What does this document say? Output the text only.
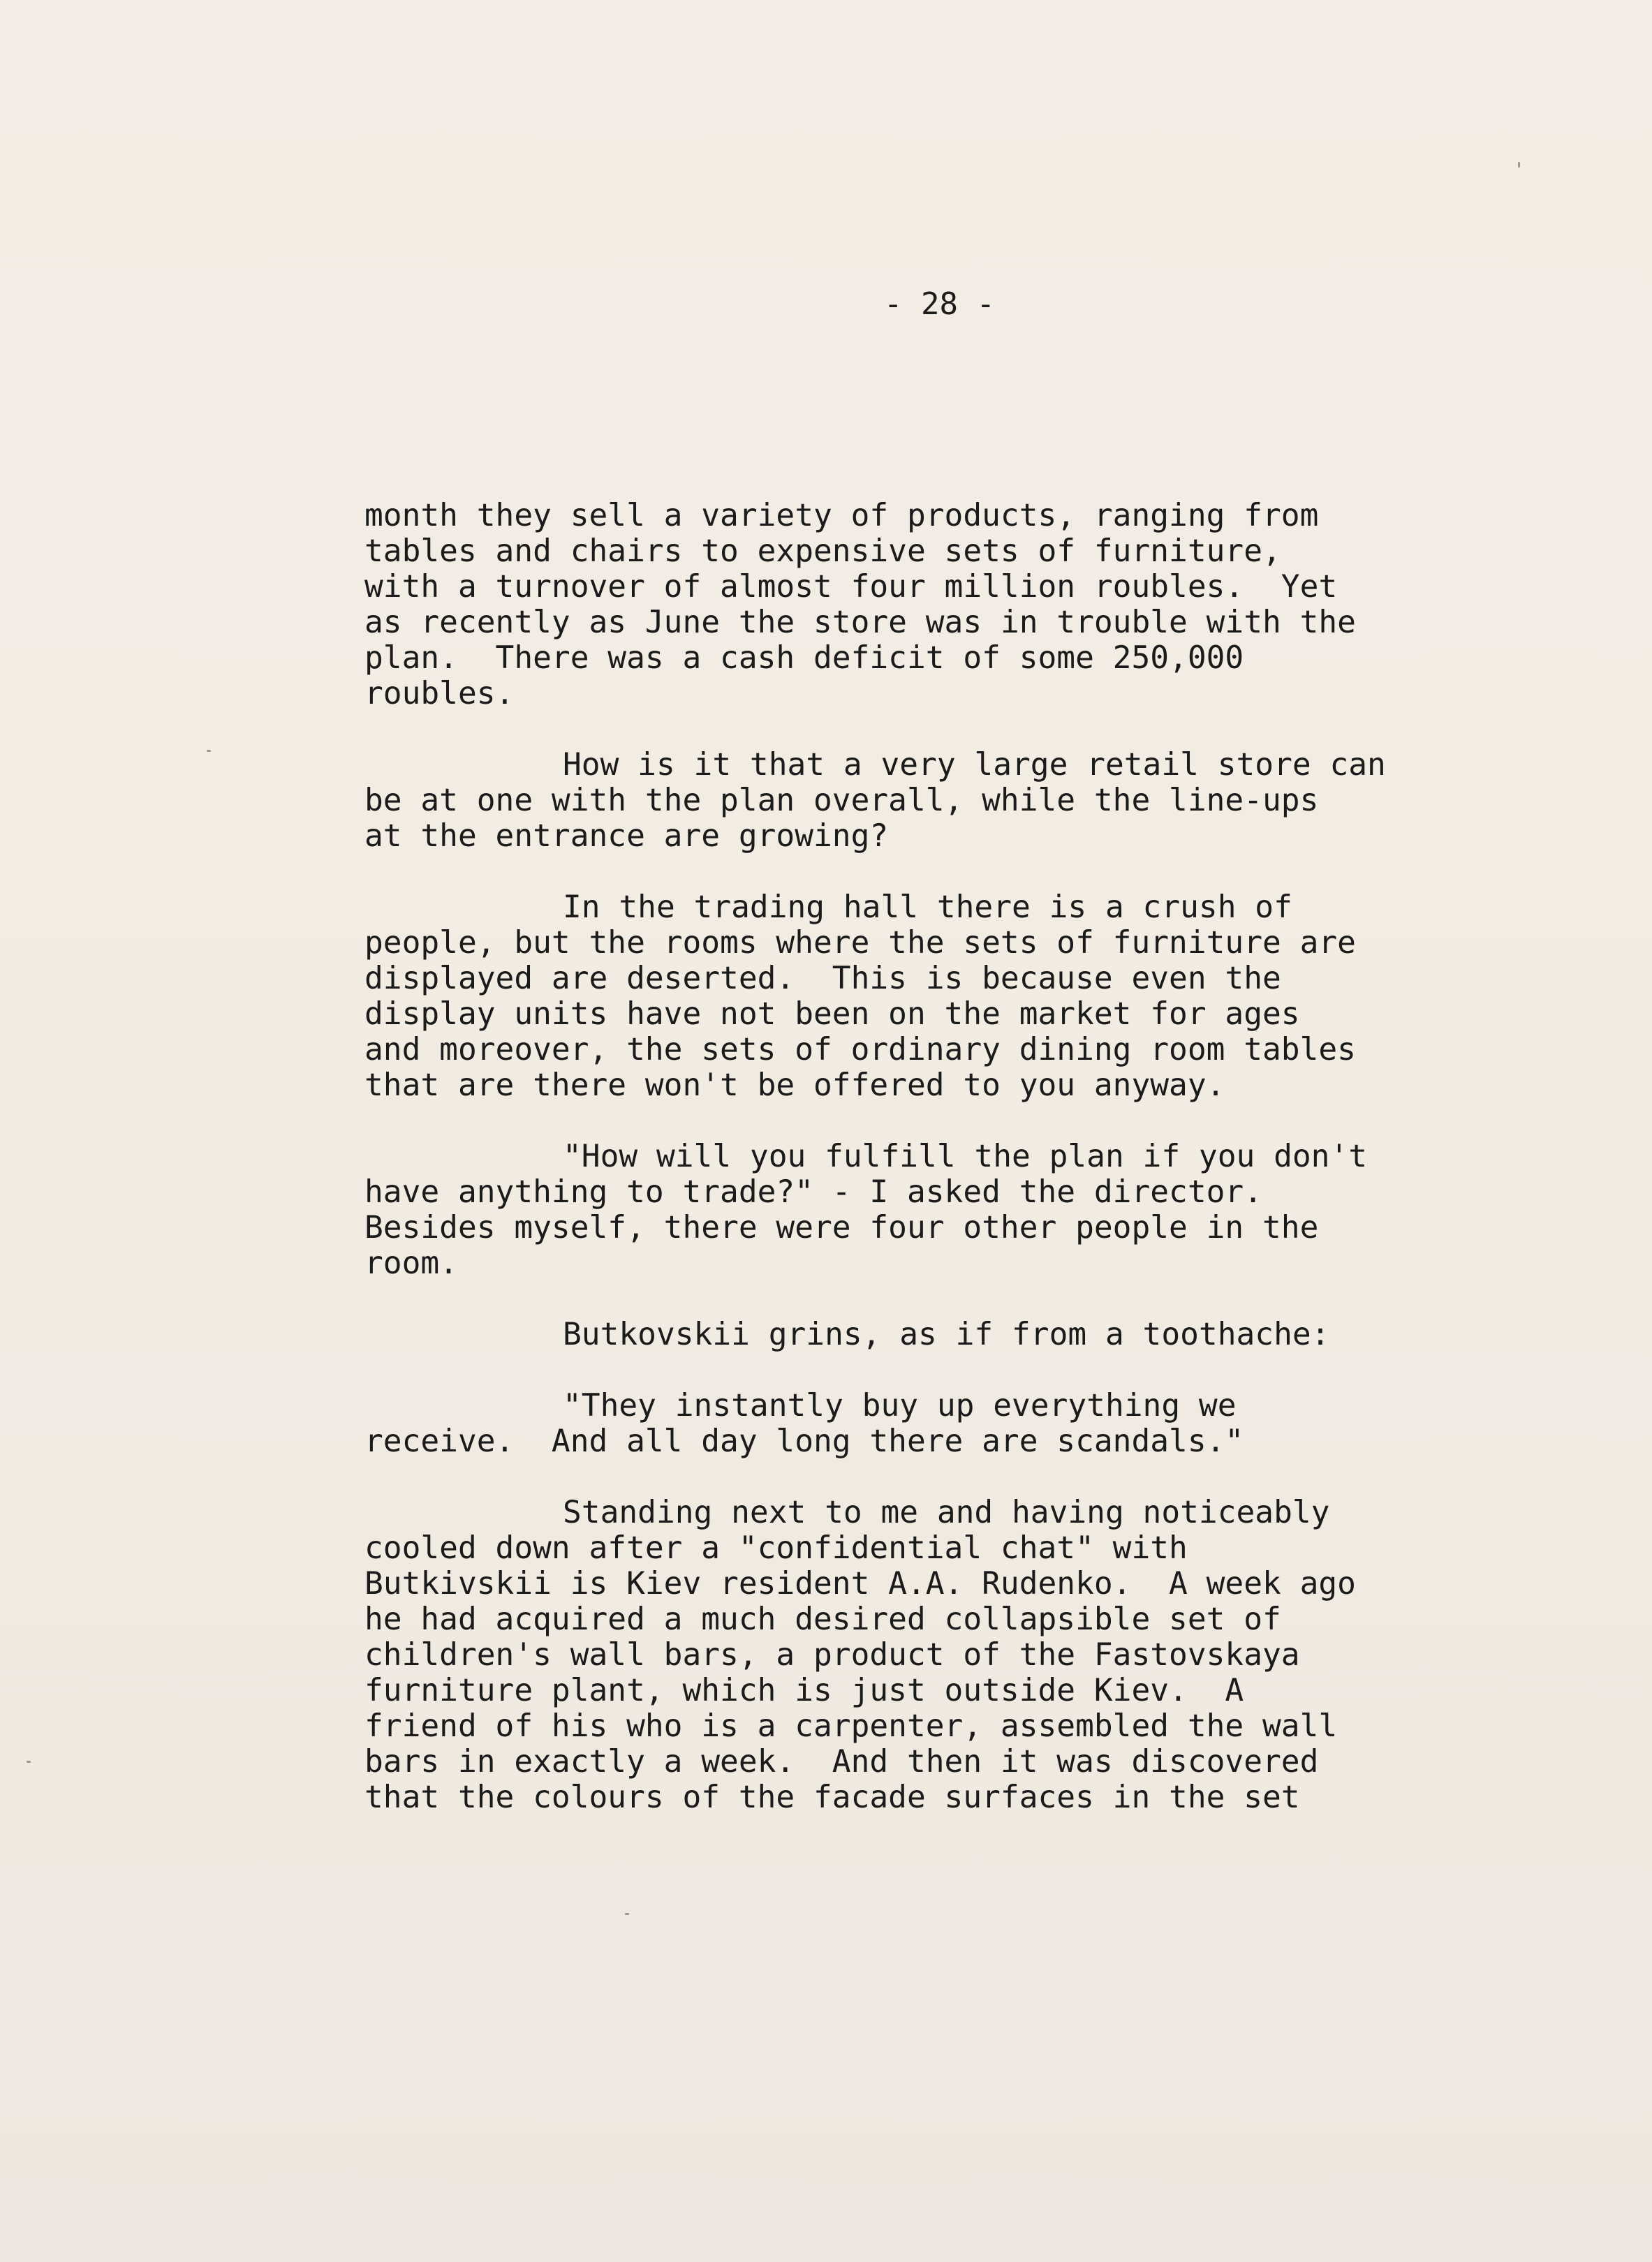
- 28 -
month they sell a variety of products, ranging from
tables and chairs to expensive sets of furniture,
with a turnover of almost four million roubles.  Yet
as recently as June the store was in trouble with the
plan.  There was a cash deficit of some 250,000
roubles.
How is it that a very large retail store can
be at one with the plan overall, while the line-ups
at the entrance are growing?
In the trading hall there is a crush of
people, but the rooms where the sets of furniture are
displayed are deserted.  This is because even the
display units have not been on the market for ages
and moreover, the sets of ordinary dining room tables
that are there won't be offered to you anyway.
"How will you fulfill the plan if you don't
have anything to trade?" - I asked the director.
Besides myself, there were four other people in the
room.
Butkovskii grins, as if from a toothache:
"They instantly buy up everything we
receive.  And all day long there are scandals."
Standing next to me and having noticeably
cooled down after a "confidential chat" with
Butkivskii is Kiev resident A.A. Rudenko.  A week ago
he had acquired a much desired collapsible set of
children's wall bars, a product of the Fastovskaya
furniture plant, which is just outside Kiev.  A
friend of his who is a carpenter, assembled the wall
bars in exactly a week.  And then it was discovered
that the colours of the facade surfaces in the set
